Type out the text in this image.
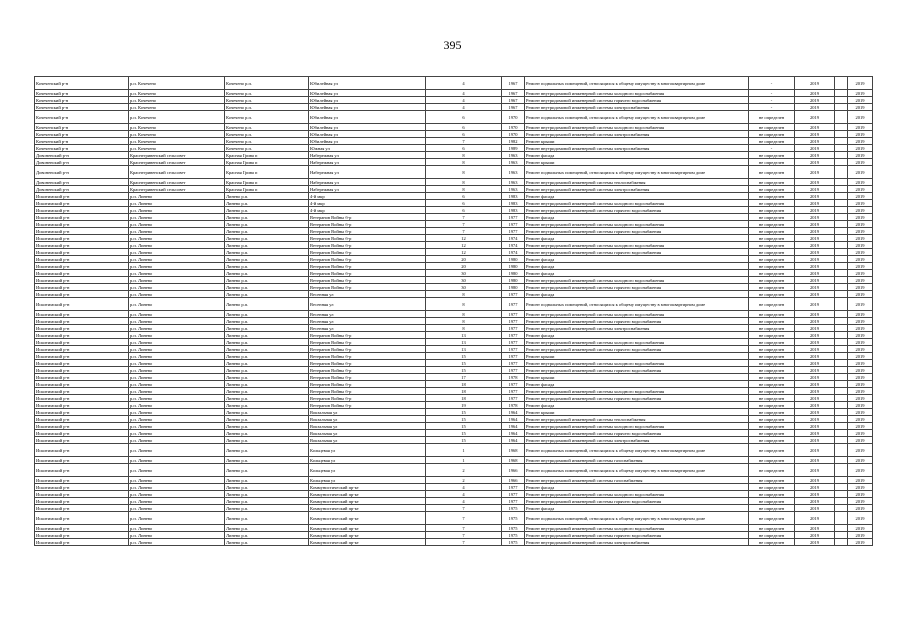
395
Кочеченский р-н	р.п. Кочечено	Кочечено р.п.	Юбилейная ул	4	1967	Ремонт подвальных помещений, относящихся к общему имуществу в многоквартирном доме	-	2019		2019
Кочеченский р-н	р.п. Кочечено	Кочечено р.п.	Юбилейная ул	4	1967	Ремонт внутридомовой инженерной системы холодного водоснабжения	-	2019		2019
Кочеченский р-н	р.п. Кочечено	Кочечено р.п.	Юбилейная ул	4	1967	Ремонт внутридомовой инженерной системы горячего водоснабжения	-	2019		2019
Кочеченский р-н	р.п. Кочечено	Кочечено р.п.	Юбилейная ул	4	1967	Ремонт внутридомовой инженерной системы электроснабжения	-	2019		2019
Кочеченский р-н	р.п. Кочечено	Кочечено р.п.	Юбилейная ул	6	1970	Ремонт подвальных помещений, относящихся к общему имуществу в многоквартирном доме	не определен	2019		2019
Кочеченский р-н	р.п. Кочечено	Кочечено р.п.	Юбилейная ул	6	1970	Ремонт внутридомовой инженерной системы холодного водоснабжения	не определен	2019		2019
Кочеченский р-н	р.п. Кочечено	Кочечено р.п.	Юбилейная ул	6	1970	Ремонт внутридомовой инженерной системы электроснабжения	не определен	2019		2019
Кочеченский р-н	р.п. Кочечено	Кочечено р.п.	Юбилейная ул	7	1982	Ремонт крыши	не определен	2019		2019
Кочеченский р-н	р.п. Кочечено	Кочечено р.п.	Южная ул	6	1989	Ремонт внутридомовой инженерной системы электроснабжения	-	2019		2019
Довоненский р-н	Краснегривенский сельсовет	Красная Грива п	Набережная ул	8	1963	Ремонт фасада	не определен	2019		2019
Довоненский р-н	Краснегривенский сельсовет	Красная Грива п	Набережная ул	8	1963	Ремонт крыши	не определен	2019		2019
Довоненский р-н	Краснегривенский сельсовет	Красная Грива п	Набережная ул	8	1963	Ремонт подвальных помещений, относящихся к общему имуществу в многоквартирном доме	не определен	2019		2019
Довоненский р-н	Краснегривенский сельсовет	Красная Грива п	Набережная ул	8	1963	Ремонт внутридомовой инженерной системы теплоснабжения	не определен	2019		2019
Довоненский р-н	Краснегривенский сельсовет	Красная Грива п	Набережная ул	8	1963	Ремонт внутридомовой инженерной системы электроснабжения	не определен	2019		2019
Искитимский р-н	р.п. Линево	Линево р.п.	4-й мкр	6	1983	Ремонт фасада	не определен	2019		2019
Искитимский р-н	р.п. Линево	Линево р.п.	4-й мкр	6	1983	Ремонт внутридомовой инженерной системы холодного водоснабжения	не определен	2019		2019
Искитимский р-н	р.п. Линево	Линево р.п.	4-й мкр	6	1983	Ремонт внутридомовой инженерной системы горячего водоснабжения	не определен	2019		2019
Искитимский р-н	р.п. Линево	Линево р.п.	Ветеранов Войны б-р	7	1977	Ремонт фасада	не определен	2019		2019
Искитимский р-н	р.п. Линево	Линево р.п.	Ветеранов Войны б-р	7	1977	Ремонт внутридомовой инженерной системы холодного водоснабжения	не определен	2019		2019
Искитимский р-н	р.п. Линево	Линево р.п.	Ветеранов Войны б-р	7	1977	Ремонт внутридомовой инженерной системы горячего водоснабжения	не определен	2019		2019
Искитимский р-н	р.п. Линево	Линево р.п.	Ветеранов Войны б-р	12	1974	Ремонт фасада	не определен	2019		2019
Искитимский р-н	р.п. Линево	Линево р.п.	Ветеранов Войны б-р	12	1974	Ремонт внутридомовой инженерной системы холодного водоснабжения	не определен	2019		2019
Искитимский р-н	р.п. Линево	Линево р.п.	Ветеранов Войны б-р	12	1974	Ремонт внутридомовой инженерной системы горячего водоснабжения	не определен	2019		2019
Искитимский р-н	р.п. Линево	Линево р.п.	Ветеранов Войны б-р	20	1980	Ремонт фасада	не определен	2019		2019
Искитимский р-н	р.п. Линево	Линево р.п.	Ветеранов Войны б-р	20	1980	Ремонт фасада	не определен	2019		2019
Искитимский р-н	р.п. Линево	Линево р.п.	Ветеранов Войны б-р	30	1980	Ремонт фасада	не определен	2019		2019
Искитимский р-н	р.п. Линево	Линево р.п.	Ветеранов Войны б-р	30	1980	Ремонт внутридомовой инженерной системы холодного водоснабжения	не определен	2019		2019
Искитимский р-н	р.п. Линево	Линево р.п.	Ветеранов Войны б-р	30	1980	Ремонт внутридомовой инженерной системы горячего водоснабжения	не определен	2019		2019
Искитимский р-н	р.п. Линево	Линево р.п.	Весенняя ул	8	1977	Ремонт фасада	не определен	2019		2019
Искитимский р-н	р.п. Линево	Линево р.п.	Весенняя ул	8	1977	Ремонт подвальных помещений, относящихся к общему имуществу в многоквартирном доме	не определен	2019		2019
Искитимский р-н	р.п. Линево	Линево р.п.	Весенняя ул	8	1977	Ремонт внутридомовой инженерной системы холодного водоснабжения	не определен	2019		2019
Искитимский р-н	р.п. Линево	Линево р.п.	Весенняя ул	8	1977	Ремонт внутридомовой инженерной системы горячего водоснабжения	не определен	2019		2019
Искитимский р-н	р.п. Линево	Линево р.п.	Весенняя ул	8	1977	Ремонт внутридомовой инженерной системы электроснабжения	не определен	2019		2019
Искитимский р-н	р.п. Линево	Линево р.п.	Ветеранов Войны б-р	13	1977	Ремонт фасада	не определен	2019		2019
Искитимский р-н	р.п. Линево	Линево р.п.	Ветеранов Войны б-р	13	1977	Ремонт внутридомовой инженерной системы холодного водоснабжения	не определен	2019		2019
Искитимский р-н	р.п. Линево	Линево р.п.	Ветеранов Войны б-р	13	1977	Ремонт внутридомовой инженерной системы горячего водоснабжения	не определен	2019		2019
Искитимский р-н	р.п. Линево	Линево р.п.	Ветеранов Войны б-р	15	1977	Ремонт крыши	не определен	2019		2019
Искитимский р-н	р.п. Линево	Линево р.п.	Ветеранов Войны б-р	15	1977	Ремонт внутридомовой инженерной системы холодного водоснабжения	не определен	2019		2019
Искитимский р-н	р.п. Линево	Линево р.п.	Ветеранов Войны б-р	15	1977	Ремонт внутридомовой инженерной системы горячего водоснабжения	не определен	2019		2019
Искитимский р-н	р.п. Линево	Линево р.п.	Ветеранов Войны б-р	17	1978	Ремонт крыши	не определен	2019		2019
Искитимский р-н	р.п. Линево	Линево р.п.	Ветеранов Войны б-р	18	1977	Ремонт фасада	не определен	2019		2019
Искитимский р-н	р.п. Линево	Линево р.п.	Ветеранов Войны б-р	18	1977	Ремонт внутридомовой инженерной системы холодного водоснабжения	не определен	2019		2019
Искитимский р-н	р.п. Линево	Линево р.п.	Ветеранов Войны б-р	18	1977	Ремонт внутридомовой инженерной системы горячего водоснабжения	не определен	2019		2019
Искитимский р-н	р.п. Линево	Линево р.п.	Ветеранов Войны б-р	19	1978	Ремонт фасада	не определен	2019		2019
Искитимский р-н	р.п. Линево	Линево р.п.	Вокзальная ул	15	1964	Ремонт крыши	не определен	2019		2019
Искитимский р-н	р.п. Линево	Линево р.п.	Вокзальная ул	15	1964	Ремонт внутридомовой инженерной системы теплоснабжения	не определен	2019		2019
Искитимский р-н	р.п. Линево	Линево р.п.	Вокзальная ул	15	1964	Ремонт внутридомовой инженерной системы холодного водоснабжения	не определен	2019		2019
Искитимский р-н	р.п. Линево	Линево р.п.	Вокзальная ул	15	1964	Ремонт внутридомовой инженерной системы горячего водоснабжения	не определен	2019		2019
Искитимский р-н	р.п. Линево	Линево р.п.	Вокзальная ул	15	1964	Ремонт внутридомовой инженерной системы электроснабжения	не определен	2019		2019
Искитимский р-н	р.п. Линево	Линево р.п.	Кольцевая ул	1	1968	Ремонт подвальных помещений, относящихся к общему имуществу в многоквартирном доме	не определен	2019		2019
Искитимский р-н	р.п. Линево	Линево р.п.	Кольцевая ул	1	1968	Ремонт внутридомовой инженерной системы газоснабжения	не определен	2019		2019
Искитимский р-н	р.п. Линево	Линево р.п.	Кольцевая ул	2	1966	Ремонт подвальных помещений, относящихся к общему имуществу в многоквартирном доме	не определен	2019		2019
Искитимский р-н	р.п. Линево	Линево р.п.	Кольцевая ул	2	1966	Ремонт внутридомовой инженерной системы газоснабжения	не определен	2019		2019
Искитимский р-н	р.п. Линево	Линево р.п.	Коммунистический пр-кт	4	1977	Ремонт фасада	не определен	2019		2019
Искитимский р-н	р.п. Линево	Линево р.п.	Коммунистический пр-кт	4	1977	Ремонт внутридомовой инженерной системы холодного водоснабжения	не определен	2019		2019
Искитимский р-н	р.п. Линево	Линево р.п.	Коммунистический пр-кт	4	1977	Ремонт внутридомовой инженерной системы горячего водоснабжения	не определен	2019		2019
Искитимский р-н	р.п. Линево	Линево р.п.	Коммунистический пр-кт	7	1975	Ремонт фасада	не определен	2019		2019
Искитимский р-н	р.п. Линево	Линево р.п.	Коммунистический пр-кт	7	1975	Ремонт подвальных помещений, относящихся к общему имуществу в многоквартирном доме	не определен	2019		2019
Искитимский р-н	р.п. Линево	Линево р.п.	Коммунистический пр-кт	7	1975	Ремонт внутридомовой инженерной системы холодного водоснабжения	не определен	2019		2019
Искитимский р-н	р.п. Линево	Линево р.п.	Коммунистический пр-кт	7	1975	Ремонт внутридомовой инженерной системы горячего водоснабжения	не определен	2019		2019
Искитимский р-н	р.п. Линево	Линево р.п.	Коммунистический пр-кт	7	1975	Ремонт внутридомовой инженерной системы электроснабжения	не определен	2019		2019
